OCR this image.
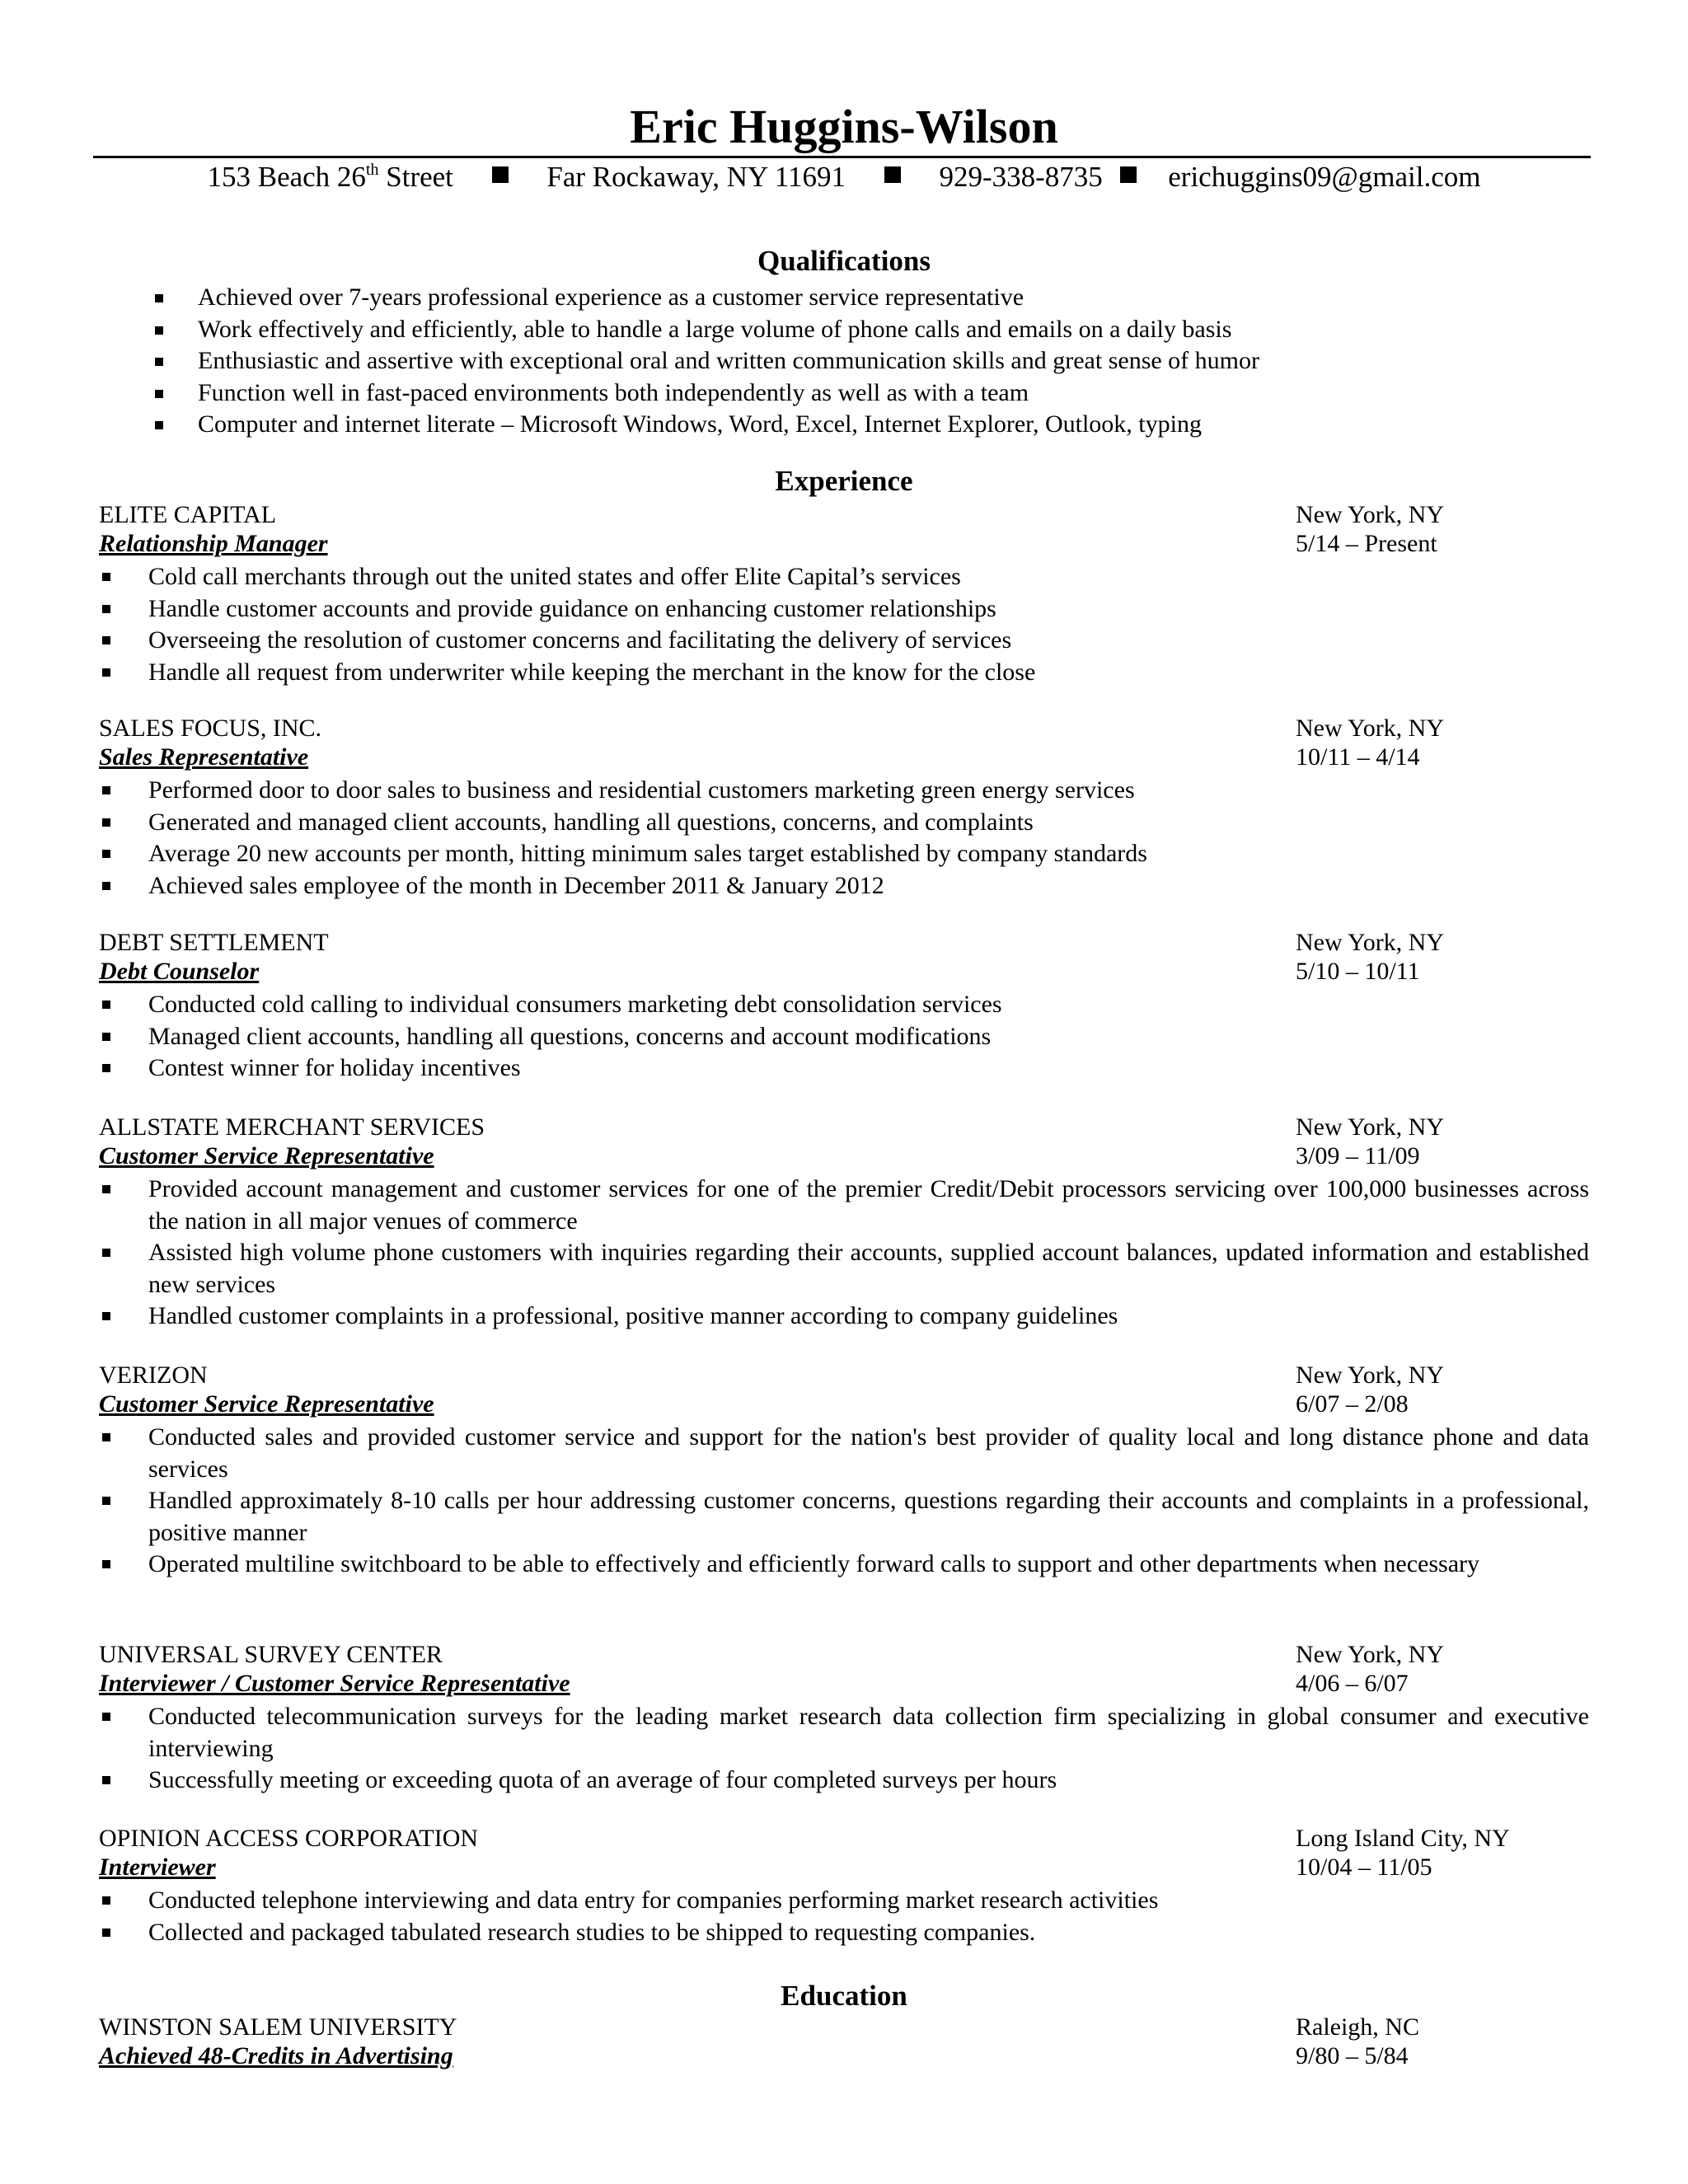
Eric Huggins-Wilson
153 Beach 26th Street	Far Rockaway, NY 11691	929-338-8735 erichuggins09@gmail.com
Qualifications
Achieved over 7-years professional experience as a customer service representative
Work effectively and efficiently, able to handle a large volume of phone calls and emails on a daily basis
Enthusiastic and assertive with exceptional oral and written communication skills and great sense of humor
Function well in fast-paced environments both independently as well as with a team
Computer and internet literate – Microsoft Windows, Word, Excel, Internet Explorer, Outlook, typing
Experience
ELITE CAPITAL	New York, NY
Relationship Manager	5/14 – Present
Cold call merchants through out the united states and offer Elite Capital’s services
Handle customer accounts and provide guidance on enhancing customer relationships
Overseeing the resolution of customer concerns and facilitating the delivery of services
Handle all request from underwriter while keeping the merchant in the know for the close
SALES FOCUS, INC.	New York, NY
Sales Representative	10/11 – 4/14
Performed door to door sales to business and residential customers marketing green energy services
Generated and managed client accounts, handling all questions, concerns, and complaints
Average 20 new accounts per month, hitting minimum sales target established by company standards
Achieved sales employee of the month in December 2011 & January 2012
DEBT SETTLEMENT	New York, NY
Debt Counselor	5/10 – 10/11
Conducted cold calling to individual consumers marketing debt consolidation services
Managed client accounts, handling all questions, concerns and account modifications
Contest winner for holiday incentives
ALLSTATE MERCHANT SERVICES	New York, NY
Customer Service Representative	3/09 – 11/09
Provided account management and customer services for one of the premier Credit/Debit processors servicing over 100,000 businesses across the nation in all major venues of commerce
Assisted high volume phone customers with inquiries regarding their accounts, supplied account balances, updated information and established new services
Handled customer complaints in a professional, positive manner according to company guidelines
VERIZON	New York, NY
Customer Service Representative	6/07 – 2/08
Conducted sales and provided customer service and support for the nation's best provider of quality local and long distance phone and data services
Handled approximately 8-10 calls per hour addressing customer concerns, questions regarding their accounts and complaints in a professional, positive manner
Operated multiline switchboard to be able to effectively and efficiently forward calls to support and other departments when necessary
UNIVERSAL SURVEY CENTER	New York, NY
Interviewer / Customer Service Representative	4/06 – 6/07
Conducted telecommunication surveys for the leading market research data collection firm specializing in global consumer and executive interviewing
Successfully meeting or exceeding quota of an average of four completed surveys per hours
OPINION ACCESS CORPORATION	Long Island City, NY
Interviewer	10/04 – 11/05
Conducted telephone interviewing and data entry for companies performing market research activities
Collected and packaged tabulated research studies to be shipped to requesting companies.
Education
WINSTON SALEM UNIVERSITY	Raleigh, NC
Achieved 48-Credits in Advertising	9/80 – 5/84
